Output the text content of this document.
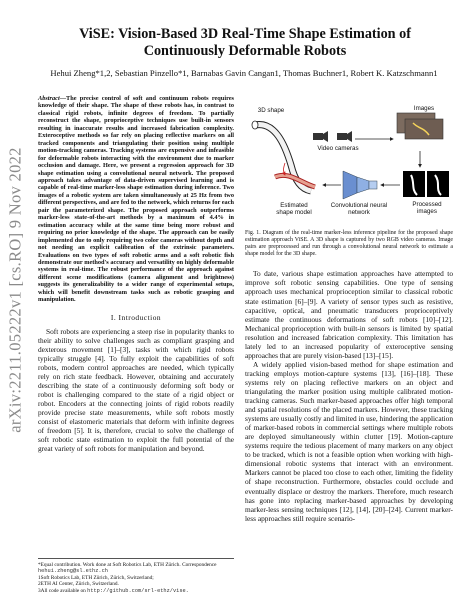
arXiv:2211.05222v1 [cs.RO] 9 Nov 2022
ViSE: Vision-Based 3D Real-Time Shape Estimation of Continuously Deformable Robots
Hehui Zheng*1,2, Sebastian Pinzello*1, Barnabas Gavin Cangan1, Thomas Buchner1, Robert K. Katzschmann1

Abstract—The precise control of soft and continuum robots requires knowledge of their shape. The shape of these robots has, in contrast to classical rigid robots, infinite degrees of freedom. To partially reconstruct the shape, proprioceptive techniques use built-in sensors resulting in inaccurate results and increased fabrication complexity. Exteroceptive methods so far rely on placing reflective markers on all tracked components and triangulating their position using multiple motion-tracking cameras. Tracking systems are expensive and infeasible for deformable robots interacting with the environment due to marker occlusion and damage. Here, we present a regression approach for 3D shape estimation using a convolutional neural network. The proposed approach takes advantage of data-driven supervised learning and is capable of real-time marker-less shape estimation during inference. Two images of a robotic system are taken simultaneously at 25 Hz from two different perspectives, and are fed to the network, which returns for each pair the parameterized shape. The proposed approach outperforms marker-less state-of-the-art methods by a maximum of 4.4% in estimation accuracy while at the same time being more robust and requiring no prior knowledge of the shape. The approach can be easily implemented due to only requiring two color cameras without depth and not needing an explicit calibration of the extrinsic parameters. Evaluations on two types of soft robotic arms and a soft robotic fish demonstrate our method's accuracy and versatility on highly deformable systems in real-time. The robust performance of the approach against different scene modifications (camera alignment and brightness) suggests its generalizability to a wider range of experimental setups, which will benefit downstream tasks such as robotic grasping and manipulation.

I. Introduction

Soft robots are experiencing a steep rise in popularity thanks to their ability to solve challenges such as compliant grasping and dexterous movement [1]–[3], tasks with which rigid robots typically struggle [4]. To fully exploit the capabilities of soft robots, modern control approaches are needed, which typically rely on rich state feedback. However, obtaining and accurately describing the state of a continuously deforming soft body or robot is challenging compared to the state of a rigid object or robot. Encoders at the connecting joints of rigid robots readily provide precise state measurements, while soft robots mostly consist of elastomeric materials that deform with infinite degrees of freedom [5]. It is, therefore, crucial to solve the challenge of soft robotic state estimation to exploit the full potential of the great variety of soft robots for manipulation and beyond.

*Equal contribution. Work done at Soft Robotics Lab, ETH Zürich. Correspondence hehui.zheng@sl.ethz.ch

1Soft Robotics Lab, ETH Zürich, Zürich, Switzerland;

2ETH AI Center, Zürich, Switzerland.

3All code available on http://github.com/srl-ethz/vise.

3D shape
Video cameras
Images
Processed images
Estimated shape model
Convolutional neural network

Fig. 1. Diagram of the real-time marker-less inference pipeline for the proposed shape estimation approach ViSE. A 3D shape is captured by two RGB video cameras. Image pairs are preprocessed and run through a convolutional neural network to estimate a shape model for the 3D shape.

To date, various shape estimation approaches have attempted to improve soft robotic sensing capabilities. One type of sensing approach uses mechanical proprioception similar to classical robotic state estimation [6]–[9]. A variety of sensor types such as resistive, capacitive, optical, and pneumatic transducers proprioceptively estimate the continuous deformations of soft robots [10]–[12]. Mechanical proprioception with built-in sensors is limited by spatial resolution and increased fabrication complexity. This limitation has lately led to an increased popularity of exteroceptive sensing approaches that are purely vision-based [13]–[15].

A widely applied vision-based method for shape estimation and tracking employs motion-capture systems [13], [16]–[18]. These systems rely on placing reflective markers on an object and triangulating the marker position using multiple calibrated motion-tracking cameras. Such marker-based approaches offer high temporal and spatial resolutions of the placed markers. However, these tracking systems are usually costly and limited in use, hindering the application of marker-based robots in commercial settings where multiple robots are deployed simultaneously within clutter [19]. Motion-capture systems require the tedious placement of many markers on any object to be tracked, which is not a feasible option when working with high-dimensional robotic systems that interact with an environment. Markers cannot be placed too close to each other, limiting the fidelity of shape reconstruction. Furthermore, obstacles could occlude and eventually displace or destroy the markers. Therefore, much research has gone into replacing marker-based approaches by developing marker-less sensing techniques [12], [14], [20]–[24]. Current marker-less approaches still require scenario-
